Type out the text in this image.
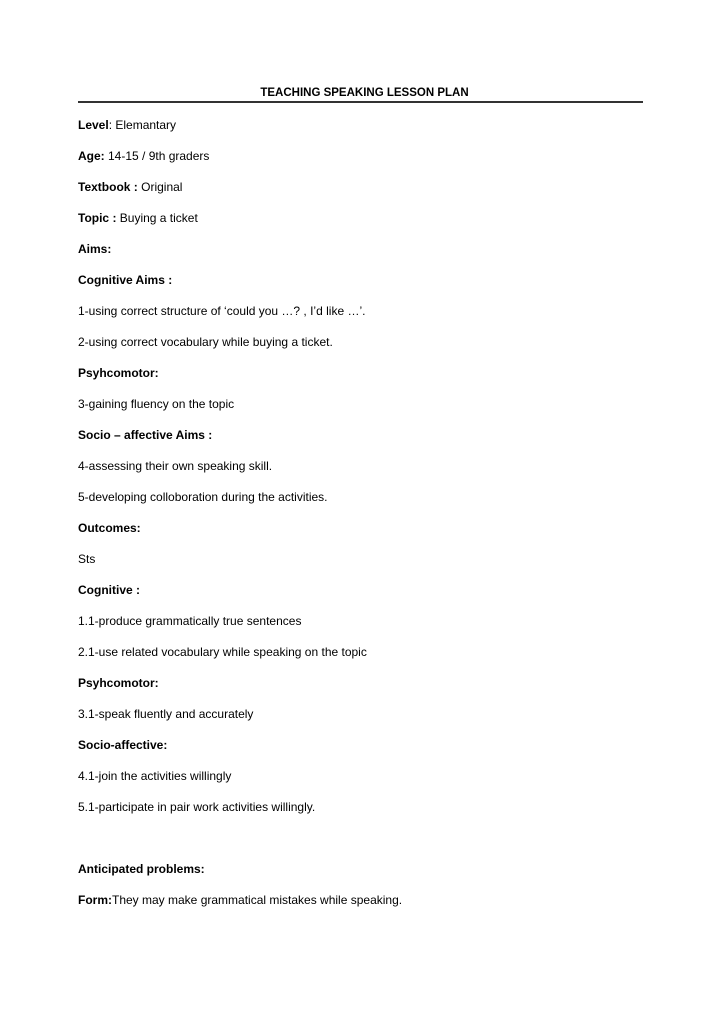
TEACHING SPEAKING LESSON PLAN
Level: Elemantary
Age: 14-15 / 9th graders
Textbook : Original
Topic : Buying a ticket
Aims:
Cognitive Aims :
1-using correct structure of ‘could you …? , I’d like …’.
2-using correct vocabulary while buying a ticket.
Psyhcomotor:
3-gaining fluency on the topic
Socio – affective Aims :
4-assessing their own speaking skill.
5-developing colloboration during the activities.
Outcomes:
Sts
Cognitive :
1.1-produce grammatically true sentences
2.1-use related vocabulary while speaking on the topic
Psyhcomotor:
3.1-speak fluently and accurately
Socio-affective:
4.1-join the activities willingly
5.1-participate in pair work activities willingly.
Anticipated problems:
Form:They may make grammatical mistakes while speaking.
